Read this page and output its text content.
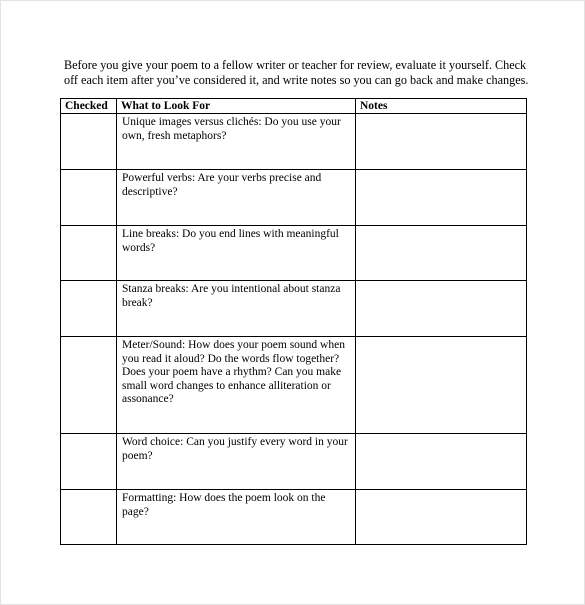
Before you give your poem to a fellow writer or teacher for review, evaluate it yourself. Check off each item after you’ve considered it, and write notes so you can go back and make changes.

Checked	What to Look For	Notes
	Unique images versus clichés: Do you use your own, fresh metaphors?	
	Powerful verbs: Are your verbs precise and descriptive?	
	Line breaks: Do you end lines with meaningful words?	
	Stanza breaks: Are you intentional about stanza break?	
	Meter/Sound: How does your poem sound when you read it aloud? Do the words flow together? Does your poem have a rhythm? Can you make small word changes to enhance alliteration or assonance?	
	Word choice: Can you justify every word in your poem?	
	Formatting: How does the poem look on the page?	
